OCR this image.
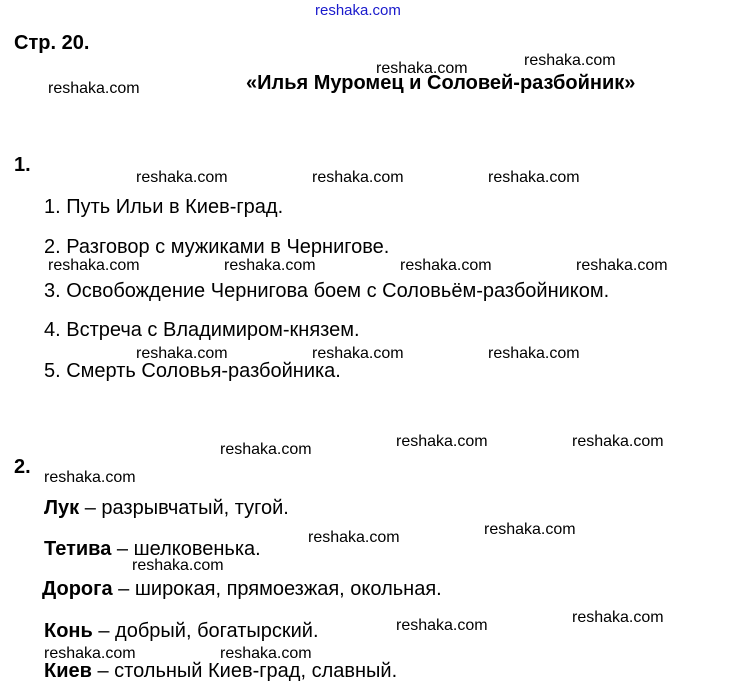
reshaka.com
Стр. 20.
«Илья Муромец и Соловей-разбойник»
1.
1. Путь Ильи в Киев-град.
2. Разговор с мужиками в Чернигове.
3. Освобождение Чернигова боем с Соловьём-разбойником.
4. Встреча с Владимиром-князем.
5. Смерть Соловья-разбойника.
2.
Лук – разрывчатый, тугой.
Тетива – шелковенька.
Дорога – широкая, прямоезжая, окольная.
Конь – добрый, богатырский.
Киев – стольный Киев-град, славный.
reshaka.com	reshaka.com
reshaka.com
reshaka.com	reshaka.com	reshaka.com
reshaka.com	reshaka.com	reshaka.com	reshaka.com
reshaka.com	reshaka.com	reshaka.com
reshaka.com	reshaka.com	reshaka.com
reshaka.com
reshaka.com
reshaka.com
reshaka.com
reshaka.com
reshaka.com
reshaka.com	reshaka.com
